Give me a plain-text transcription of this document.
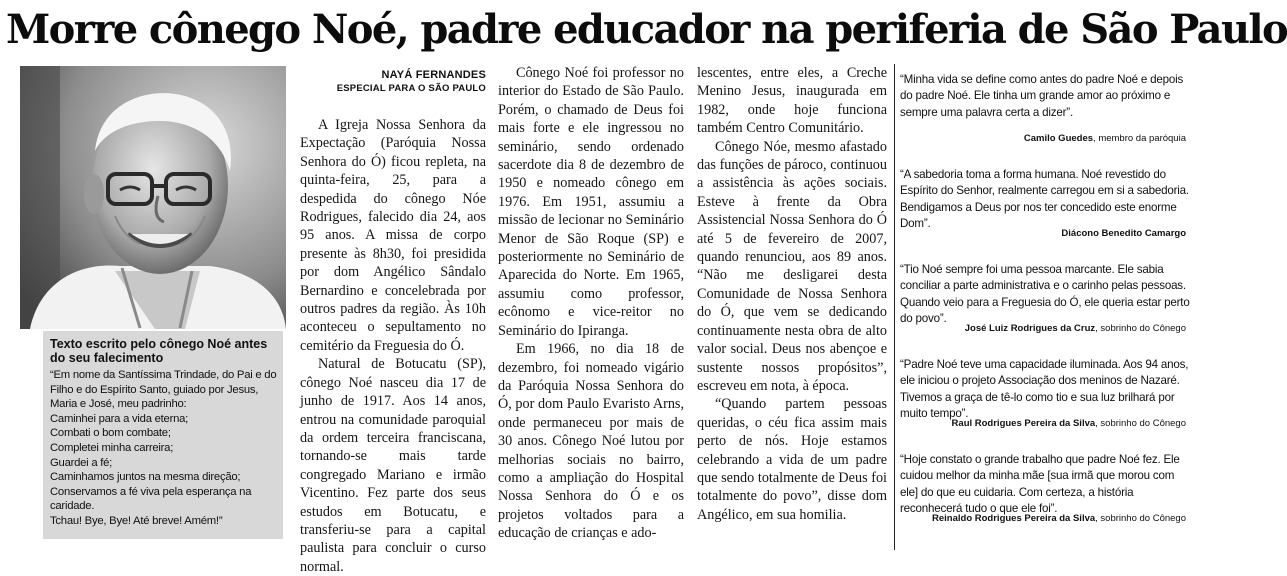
Morre cônego Noé, padre educador na periferia de São Paulo

Texto escrito pelo cônego Noé antes do seu falecimento

“Em nome da Santíssima Trindade, do Pai e do Filho e do Espírito Santo, guiado por Jesus, Maria e José, meu padrinho:
Caminhei para a vida eterna;
Combati o bom combate;
Completei minha carreira;
Guardei a fé;
Caminhamos juntos na mesma direção;
Conservamos a fé viva pela esperança na caridade.
Tchau! Bye, Bye! Até breve! Amém!”
NAYÁ FERNANDES
ESPECIAL PARA O SÃO PAULO

A Igreja Nossa Senhora da Expectação (Paróquia Nossa Senhora do Ó) ficou repleta, na quinta-feira, 25, para a despedida do cônego Nóe Rodrigues, falecido dia 24, aos 95 anos. A missa de corpo presente às 8h30, foi presidida por dom Angélico Sândalo Bernardino e concelebrada por outros padres da região. Às 10h aconteceu o sepultamento no cemitério da Freguesia do Ó.

Natural de Botucatu (SP), cônego Noé nasceu dia 17 de junho de 1917. Aos 14 anos, entrou na comunidade paroquial da ordem terceira franciscana, tornando-se mais tarde congregado Mariano e irmão Vicentino. Fez parte dos seus estudos em Botucatu, e transferiu-se para a capital paulista para concluir o curso normal.

Cônego Noé foi professor no interior do Estado de São Paulo. Porém, o chamado de Deus foi mais forte e ele ingressou no seminário, sendo ordenado sacerdote dia 8 de dezembro de 1950 e nomeado cônego em 1976. Em 1951, assumiu a missão de lecionar no Seminário Menor de São Roque (SP) e posteriormente no Seminário de Aparecida do Norte. Em 1965, assumiu como professor, ecônomo e vice-reitor no Seminário do Ipiranga.

Em 1966, no dia 18 de dezembro, foi nomeado vigário da Paróquia Nossa Senhora do Ó, por dom Paulo Evaristo Arns, onde permaneceu por mais de 30 anos. Cônego Noé lutou por melhorias sociais no bairro, como a ampliação do Hospital Nossa Senhora do Ó e os projetos voltados para a educação de crianças e ado-

lescentes, entre eles, a Creche Menino Jesus, inaugurada em 1982, onde hoje funciona também Centro Comunitário.

Cônego Nóe, mesmo afastado das funções de pároco, continuou a assistência às ações sociais. Esteve à frente da Obra Assistencial Nossa Senhora do Ó até 5 de fevereiro de 2007, quando renunciou, aos 89 anos. “Não me desligarei desta Comunidade de Nossa Senhora do Ó, que vem se dedicando continuamente nesta obra de alto valor social. Deus nos abençoe e sustente nossos propósitos”, escreveu em nota, à época.

“Quando partem pessoas queridas, o céu fica assim mais perto de nós. Hoje estamos celebrando a vida de um padre que sendo totalmente de Deus foi totalmente do povo”, disse dom Angélico, em sua homilia.

“Minha vida se define como antes do padre Noé e depois do padre Noé. Ele tinha um grande amor ao próximo e sempre uma palavra certa a dizer”.

Camilo Guedes, membro da paróquia

“A sabedoria toma a forma humana. Noé revestido do Espírito do Senhor, realmente carregou em si a sabedoria. Bendigamos a Deus por nos ter concedido este enorme Dom”.

Diácono Benedito Camargo

“Tio Noé sempre foi uma pessoa marcante. Ele sabia conciliar a parte administrativa e o carinho pelas pessoas. Quando veio para a Freguesia do Ó, ele queria estar perto do povo”.

José Luiz Rodrigues da Cruz, sobrinho do Cônego

“Padre Noé teve uma capacidade iluminada. Aos 94 anos, ele iniciou o projeto Associação dos meninos de Nazaré. Tivemos a graça de tê-lo como tio e sua luz brilhará por muito tempo”.

Raul Rodrigues Pereira da Silva, sobrinho do Cônego

“Hoje constato o grande trabalho que padre Noé fez. Ele cuidou melhor da minha mãe [sua irmã que morou com ele] do que eu cuidaria. Com certeza, a história reconhecerá tudo o que ele foi”.

Reinaldo Rodrigues Pereira da Silva, sobrinho do Cônego
